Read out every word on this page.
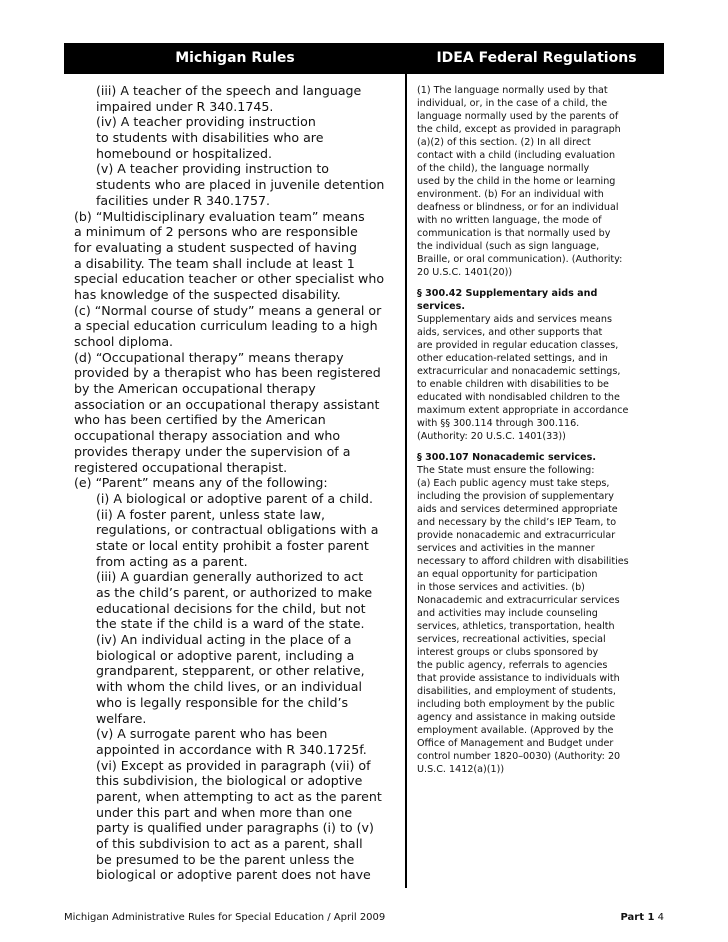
Michigan Rules	IDEA Federal Regulations
(iii) A teacher of the speech and language
impaired under R 340.1745.
(iv) A teacher providing instruction
to students with disabilities who are
homebound or hospitalized.
(v) A teacher providing instruction to
students who are placed in juvenile detention
facilities under R 340.1757.
(b) “Multidisciplinary evaluation team” means
a minimum of 2 persons who are responsible
for evaluating a student suspected of having
a disability. The team shall include at least 1
special education teacher or other specialist who
has knowledge of the suspected disability.
(c) “Normal course of study” means a general or
a special education curriculum leading to a high
school diploma.
(d) “Occupational therapy” means therapy
provided by a therapist who has been registered
by the American occupational therapy
association or an occupational therapy assistant
who has been certified by the American
occupational therapy association and who
provides therapy under the supervision of a
registered occupational therapist.
(e) “Parent” means any of the following:
(i) A biological or adoptive parent of a child.
(ii) A foster parent, unless state law,
regulations, or contractual obligations with a
state or local entity prohibit a foster parent
from acting as a parent.
(iii) A guardian generally authorized to act
as the child’s parent, or authorized to make
educational decisions for the child, but not
the state if the child is a ward of the state.
(iv) An individual acting in the place of a
biological or adoptive parent, including a
grandparent, stepparent, or other relative,
with whom the child lives, or an individual
who is legally responsible for the child’s
welfare.
(v) A surrogate parent who has been
appointed in accordance with R 340.1725f.
(vi) Except as provided in paragraph (vii) of
this subdivision, the biological or adoptive
parent, when attempting to act as the parent
under this part and when more than one
party is qualified under paragraphs (i) to (v)
of this subdivision to act as a parent, shall
be presumed to be the parent unless the
biological or adoptive parent does not have
(1) The language normally used by that
individual, or, in the case of a child, the
language normally used by the parents of
the child, except as provided in paragraph
(a)(2) of this section. (2) In all direct
contact with a child (including evaluation
of the child), the language normally
used by the child in the home or learning
environment. (b) For an individual with
deafness or blindness, or for an individual
with no written language, the mode of
communication is that normally used by
the individual (such as sign language,
Braille, or oral communication). (Authority:
20 U.S.C. 1401(20))
§ 300.42 Supplementary aids and
services.
Supplementary aids and services means
aids, services, and other supports that
are provided in regular education classes,
other education-related settings, and in
extracurricular and nonacademic settings,
to enable children with disabilities to be
educated with nondisabled children to the
maximum extent appropriate in accordance
with §§ 300.114 through 300.116.
(Authority: 20 U.S.C. 1401(33))
§ 300.107 Nonacademic services.
The State must ensure the following:
(a) Each public agency must take steps,
including the provision of supplementary
aids and services determined appropriate
and necessary by the child’s IEP Team, to
provide nonacademic and extracurricular
services and activities in the manner
necessary to afford children with disabilities
an equal opportunity for participation
in those services and activities. (b)
Nonacademic and extracurricular services
and activities may include counseling
services, athletics, transportation, health
services, recreational activities, special
interest groups or clubs sponsored by
the public agency, referrals to agencies
that provide assistance to individuals with
disabilities, and employment of students,
including both employment by the public
agency and assistance in making outside
employment available. (Approved by the
Office of Management and Budget under
control number 1820–0030) (Authority: 20
U.S.C. 1412(a)(1))
Michigan Administrative Rules for Special Education / April 2009	Part 1 4
